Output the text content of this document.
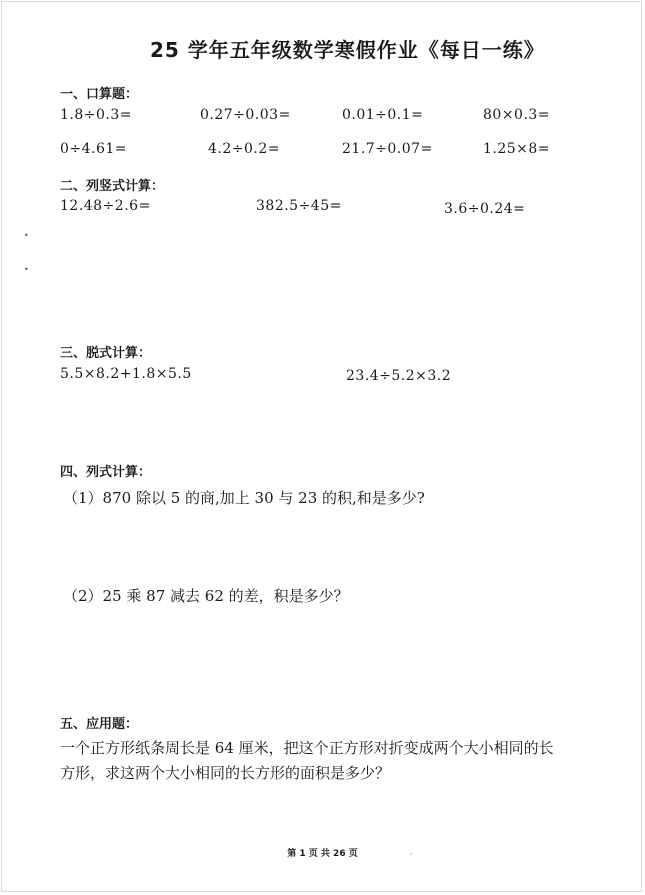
25 学年五年级数学寒假作业《每日一练》
一、口算题：
1.8÷0.3=	0.27÷0.03=	0.01÷0.1=	80×0.3=
0÷4.61=	4.2÷0.2=	21.7÷0.07=	1.25×8=
二、列竖式计算：
12.48÷2.6=	382.5÷45=	3.6÷0.24=
•
•
三、脱式计算：
5.5×8.2+1.8×5.5	23.4÷5.2×3.2
四、列式计算：
（1）870 除以 5 的商,加上 30 与 23 的积,和是多少?
（2）25 乘 87 减去 62 的差，积是多少？
五、应用题：
一个正方形纸条周长是 64 厘米，把这个正方形对折变成两个大小相同的长
方形，求这两个大小相同的长方形的面积是多少？
第 1 页 共 26 页	·
